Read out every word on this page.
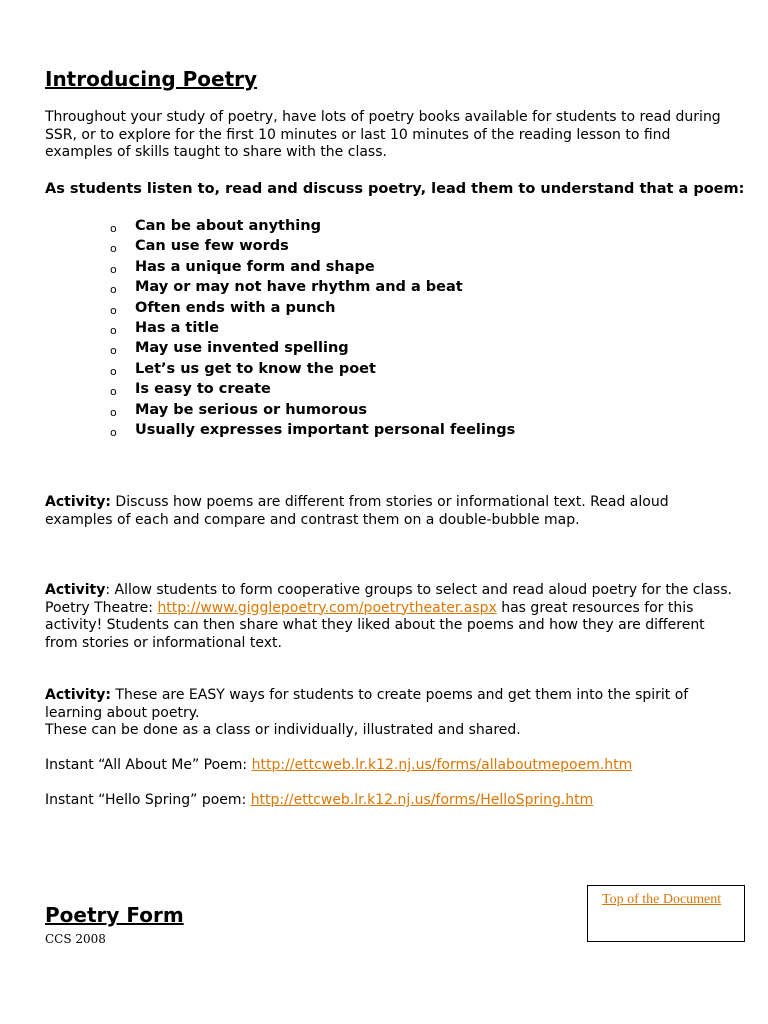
Introducing Poetry

Throughout your study of poetry, have lots of poetry books available for students to read during SSR, or to explore for the first 10 minutes or last 10 minutes of the reading lesson to find examples of skills taught to share with the class.

As students listen to, read and discuss poetry, lead them to understand that a poem:

o Can be about anything
o Can use few words
o Has a unique form and shape
o May or may not have rhythm and a beat
o Often ends with a punch
o Has a title
o May use invented spelling
o Let’s us get to know the poet
o Is easy to create
o May be serious or humorous
o Usually expresses important personal feelings

Activity: Discuss how poems are different from stories or informational text. Read aloud examples of each and compare and contrast them on a double-bubble map.

Activity: Allow students to form cooperative groups to select and read aloud poetry for the class. Poetry Theatre: http://www.gigglepoetry.com/poetrytheater.aspx has great resources for this activity! Students can then share what they liked about the poems and how they are different from stories or informational text.

Activity: These are EASY ways for students to create poems and get them into the spirit of learning about poetry.
These can be done as a class or individually, illustrated and shared.

Instant “All About Me” Poem: http://ettcweb.lr.k12.nj.us/forms/allaboutmepoem.htm

Instant “Hello Spring” poem: http://ettcweb.lr.k12.nj.us/forms/HelloSpring.htm

Poetry Form

CCS 2008

Top of the Document
